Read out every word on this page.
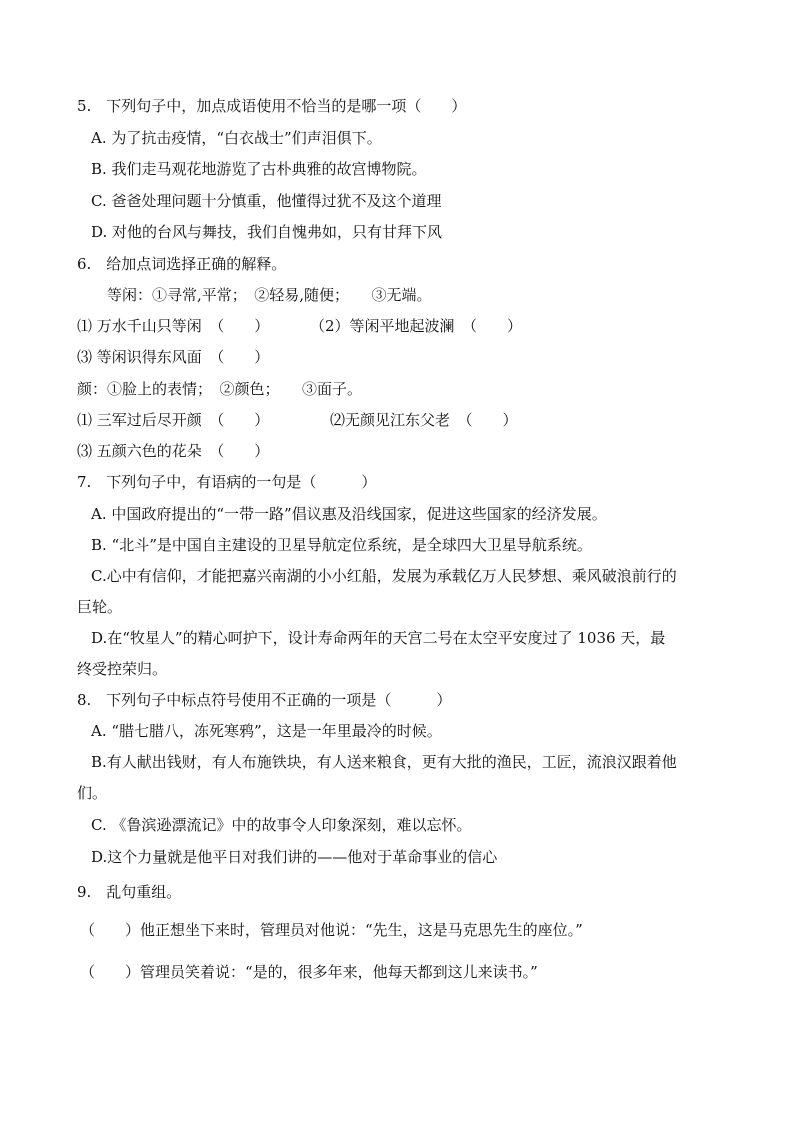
5.　下列句子中，加点成语使用不恰当的是哪一项（　　）
A. 为了抗击疫情，“白衣战士”们声泪俱下。
B. 我们走马观花地游览了古朴典雅的故宫博物院。
C. 爸爸处理问题十分慎重，他懂得过犹不及这个道理
D. 对他的台风与舞技，我们自愧弗如，只有甘拜下风
6.　给加点词选择正确的解释。
等闲：①寻常,平常；　②轻易,随便；　　③无端。
⑴ 万水千山只等闲　（　　）	（2）等闲平地起波澜　（　　）
⑶ 等闲识得东风面　（　　）
颜：①脸上的表情；　②颜色；　　③面子。
⑴ 三军过后尽开颜　（　　）	⑵无颜见江东父老　（　　）
⑶ 五颜六色的花朵　（　　）
7.　下列句子中，有语病的一句是（　　　）
A. 中国政府提出的“一带一路”倡议惠及沿线国家，促进这些国家的经济发展。
B. “北斗”是中国自主建设的卫星导航定位系统，是全球四大卫星导航系统。
C.心中有信仰，才能把嘉兴南湖的小小红船，发展为承载亿万人民梦想、乘风破浪前行的
巨轮。
D.在“牧星人”的精心呵护下，设计寿命两年的天宫二号在太空平安度过了 1036 天，最
终受控荣归。
8.　下列句子中标点符号使用不正确的一项是（　　　）
A. “腊七腊八，冻死寒鸦”，这是一年里最冷的时候。
B.有人献出钱财，有人布施铁块，有人送来粮食，更有大批的渔民，工匠，流浪汉跟着他
们。
C. 《鲁滨逊漂流记》中的故事令人印象深刻，难以忘怀。
D.这个力量就是他平日对我们讲的——他对于革命事业的信心
9.　乱句重组。
（　　）他正想坐下来时，管理员对他说：“先生，这是马克思先生的座位。”
（　　）管理员笑着说：“是的，很多年来，他每天都到这儿来读书。”
